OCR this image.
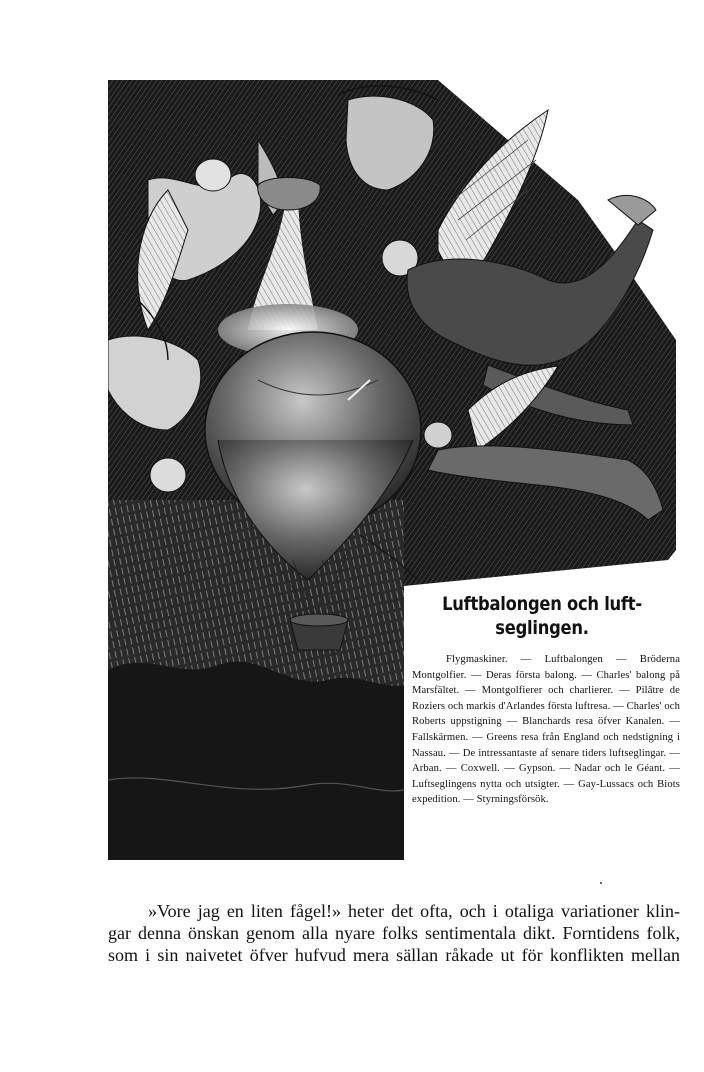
Luftbalongen och luft-
seglingen.
Flygmaskiner. — Luftbalongen — Bröderna Montgolfier. — Deras första balong. — Charles' balong på Marsfältet. — Montgolfierer och charlierer. — Pilâtre de Roziers och markis d'Arlandes första luftresa. — Charles' och Roberts uppstigning — Blanchards resa öfver Kanalen. — Fallskärmen. — Greens resa från England och nedstigning i Nassau. — De intressantaste af senare tiders luftseglingar. — Arban. — Coxwell. — Gypson. — Nadar och le Géant. — Luftseglingens nytta och utsigter. — Gay-Lussacs och Biots expedition. — Styrningsförsök.
»Vore jag en liten fågel!» heter det ofta, och i otaliga variationer klin-
gar denna önskan genom alla nyare folks sentimentala dikt. Forntidens folk,
som i sin naivetet öfver hufvud mera sällan råkade ut för konflikten mellan
